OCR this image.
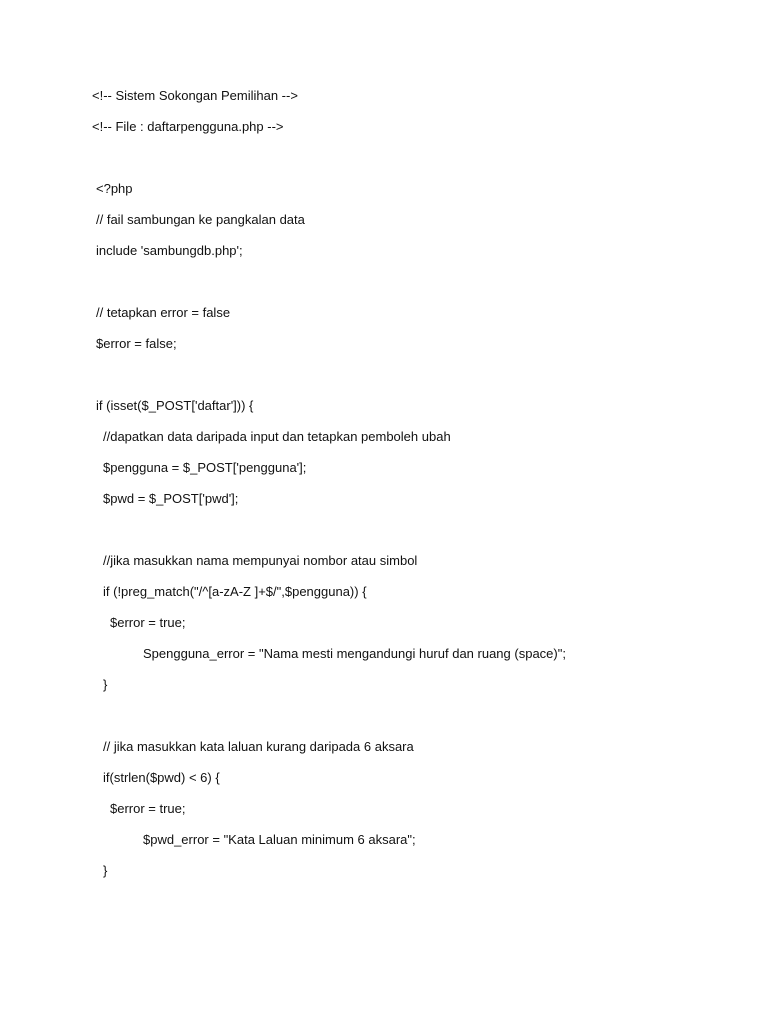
<!-- Sistem Sokongan Pemilihan -->
<!-- File : daftarpengguna.php -->
<?php
// fail sambungan ke pangkalan data
include 'sambungdb.php';
// tetapkan error = false
$error = false;
if (isset($_POST['daftar'])) {
//dapatkan data daripada input dan tetapkan pemboleh ubah
$pengguna = $_POST['pengguna'];
$pwd = $_POST['pwd'];
//jika masukkan nama mempunyai nombor atau simbol
if (!preg_match("/^[a-zA-Z ]+$/",$pengguna)) {
$error = true;
Spengguna_error = "Nama mesti mengandungi huruf dan ruang (space)";
}
// jika masukkan kata laluan kurang daripada 6 aksara
if(strlen($pwd) < 6) {
$error = true;
$pwd_error = "Kata Laluan minimum 6 aksara";
}
